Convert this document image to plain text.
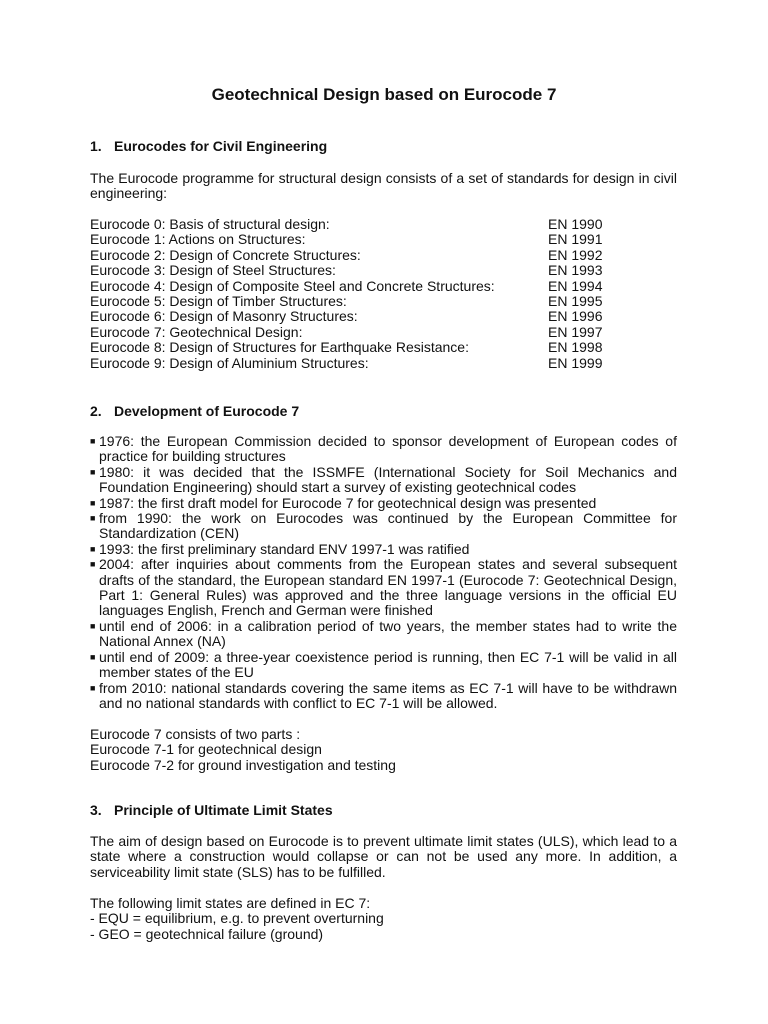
Geotechnical Design based on Eurocode 7
1. Eurocodes for Civil Engineering

The Eurocode programme for structural design consists of a set of standards for design in civil engineering:

Eurocode 0: Basis of structural design:	EN 1990
Eurocode 1: Actions on Structures:	EN 1991
Eurocode 2: Design of Concrete Structures:	EN 1992
Eurocode 3: Design of Steel Structures:	EN 1993
Eurocode 4: Design of Composite Steel and Concrete Structures:	EN 1994
Eurocode 5: Design of Timber Structures:	EN 1995
Eurocode 6: Design of Masonry Structures:	EN 1996
Eurocode 7: Geotechnical Design:	EN 1997
Eurocode 8: Design of Structures for Earthquake Resistance:	EN 1998
Eurocode 9: Design of Aluminium Structures:	EN 1999
2. Development of Eurocode 7
■ 1976: the European Commission decided to sponsor development of European codes of practice for building structures
■ 1980: it was decided that the ISSMFE (International Society for Soil Mechanics and Foundation Engineering) should start a survey of existing geotechnical codes
■ 1987: the first draft model for Eurocode 7 for geotechnical design was presented
■ from 1990: the work on Eurocodes was continued by the European Committee for Standardization (CEN)
■ 1993: the first preliminary standard ENV 1997-1 was ratified
■ 2004: after inquiries about comments from the European states and several subsequent drafts of the standard, the European standard EN 1997-1 (Eurocode 7: Geotechnical Design, Part 1: General Rules) was approved and the three language versions in the official EU languages English, French and German were finished
■ until end of 2006: in a calibration period of two years, the member states had to write the National Annex (NA)
■ until end of 2009: a three-year coexistence period is running, then EC 7-1 will be valid in all member states of the EU
■ from 2010: national standards covering the same items as EC 7-1 will have to be withdrawn and no national standards with conflict to EC 7-1 will be allowed.

Eurocode 7 consists of two parts :

Eurocode 7-1 for geotechnical design

Eurocode 7-2 for ground investigation and testing

3. Principle of Ultimate Limit States

The aim of design based on Eurocode is to prevent ultimate limit states (ULS), which lead to a state where a construction would collapse or can not be used any more. In addition, a serviceability limit state (SLS) has to be fulfilled.

The following limit states are defined in EC 7:

- EQU = equilibrium, e.g. to prevent overturning

- GEO = geotechnical failure (ground)
